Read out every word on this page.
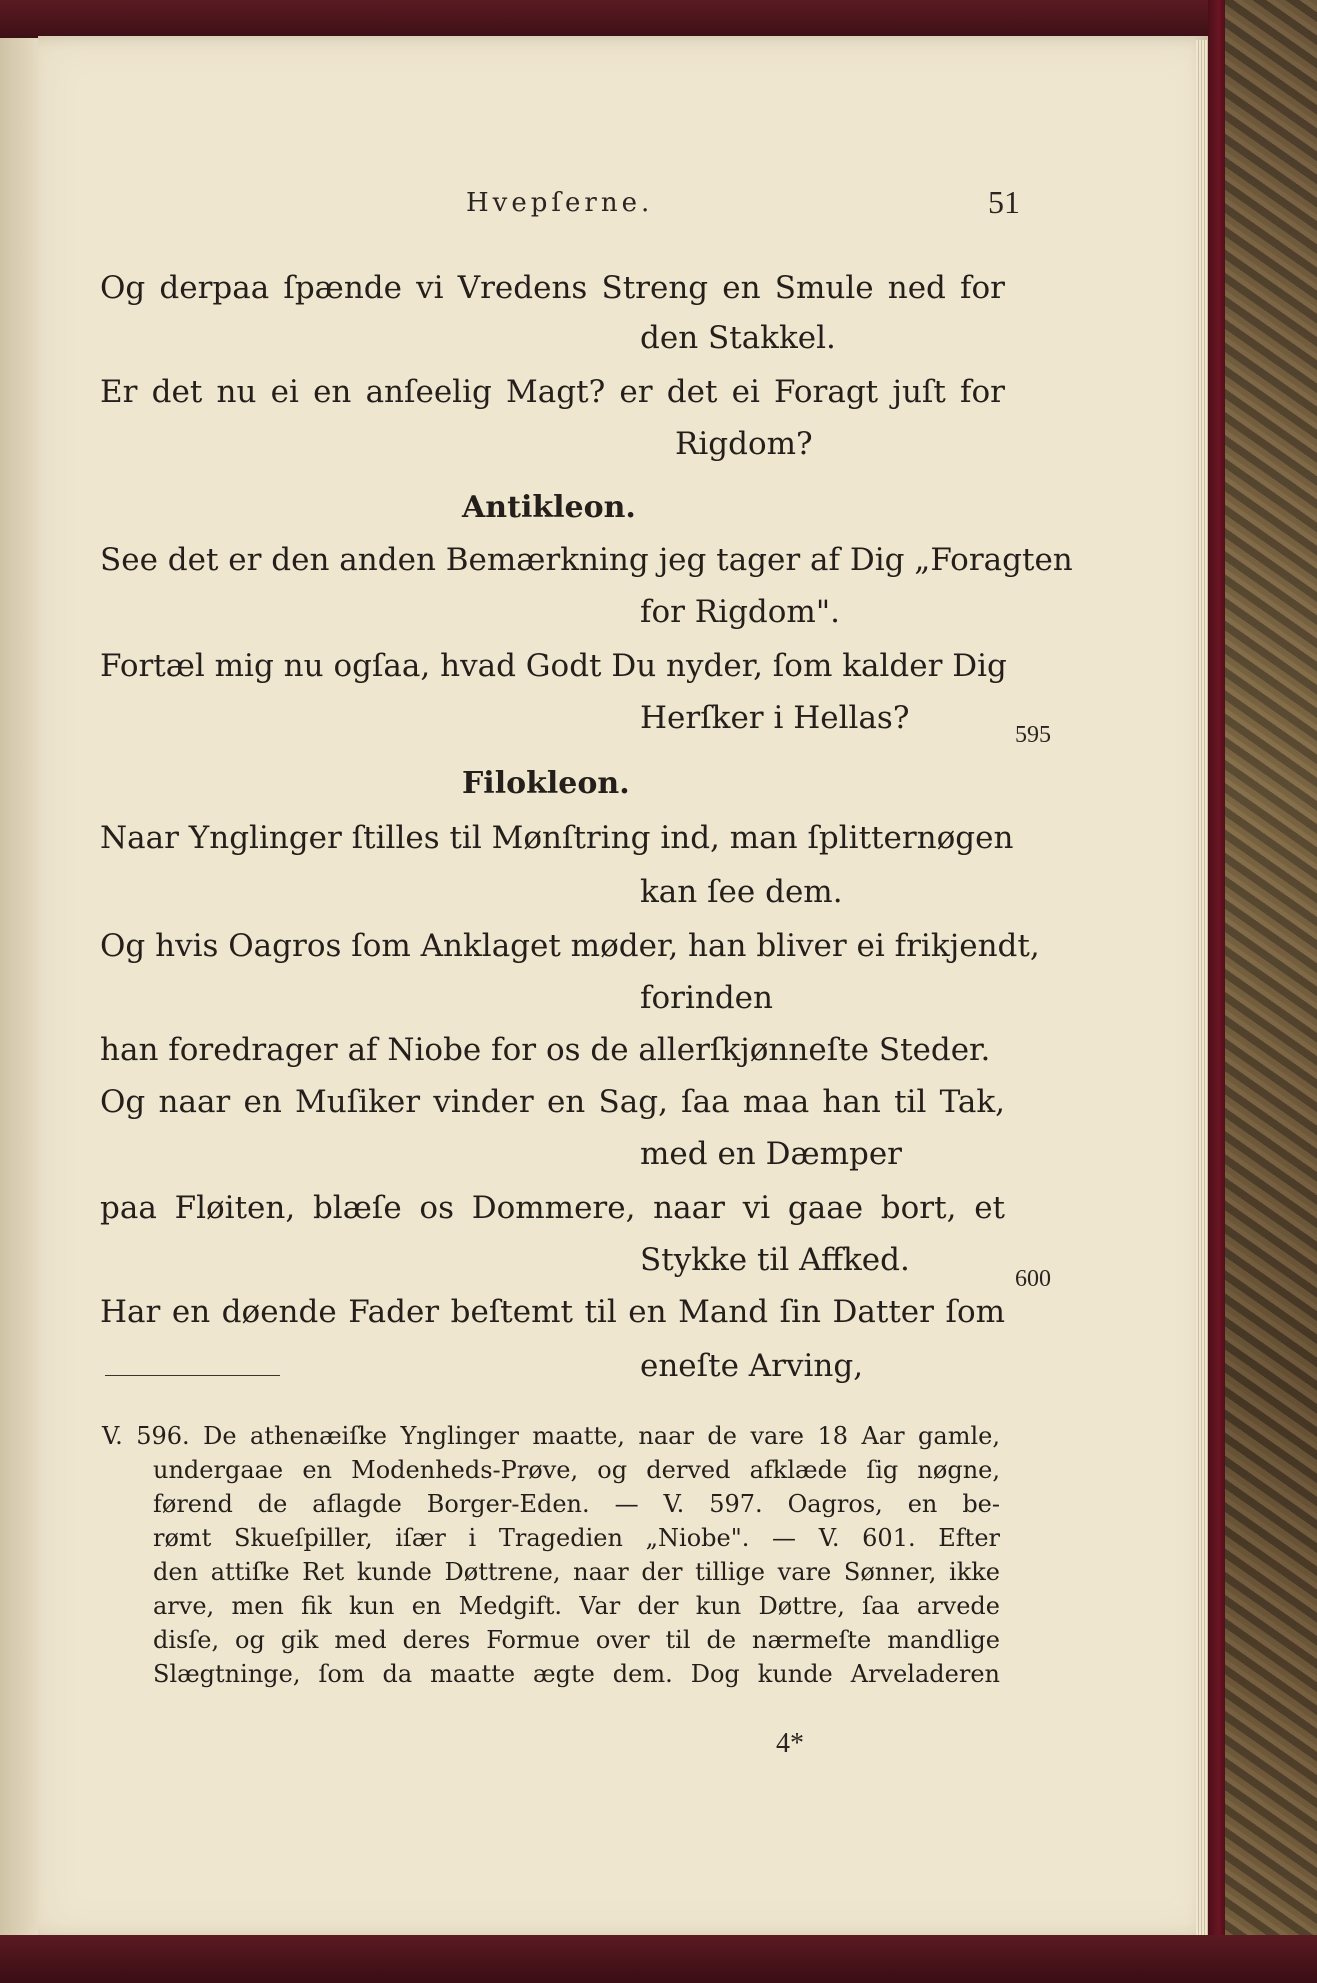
Hvepſerne.	51
Og derpaa ſpænde vi Vredens Streng en Smule ned for
den Stakkel.
Er det nu ei en anſeelig Magt? er det ei Foragt juſt for
Rigdom?
Antikleon.
See det er den anden Bemærkning jeg tager af Dig „Foragten
for Rigdom".
Fortæl mig nu ogſaa, hvad Godt Du nyder, ſom kalder Dig
Herſker i Hellas?	595
Filokleon.
Naar Ynglinger ſtilles til Mønſtring ind, man ſplitternøgen
kan ſee dem.
Og hvis Oagros ſom Anklaget møder, han bliver ei frikjendt,
forinden
han foredrager af Niobe for os de allerſkjønneſte Steder.
Og naar en Muſiker vinder en Sag, ſaa maa han til Tak,
med en Dæmper
paa Fløiten, blæſe os Dommere, naar vi gaae bort, et
Stykke til Affked.
600
Har en døende Fader beſtemt til en Mand ſin Datter ſom
eneſte Arving,
V. 596. De athenæiſke Ynglinger maatte, naar de vare 18 Aar gamle,
undergaae en Modenheds-Prøve, og derved afklæde ſig nøgne,
førend de aflagde Borger-Eden. — V. 597. Oagros, en be-
rømt Skueſpiller, iſær i Tragedien „Niobe". — V. 601. Efter
den attiſke Ret kunde Døttrene, naar der tillige vare Sønner, ikke
arve, men fik kun en Medgift. Var der kun Døttre, ſaa arvede
disſe, og gik med deres Formue over til de nærmeſte mandlige
Slægtninge, ſom da maatte ægte dem. Dog kunde Arveladeren
4*
